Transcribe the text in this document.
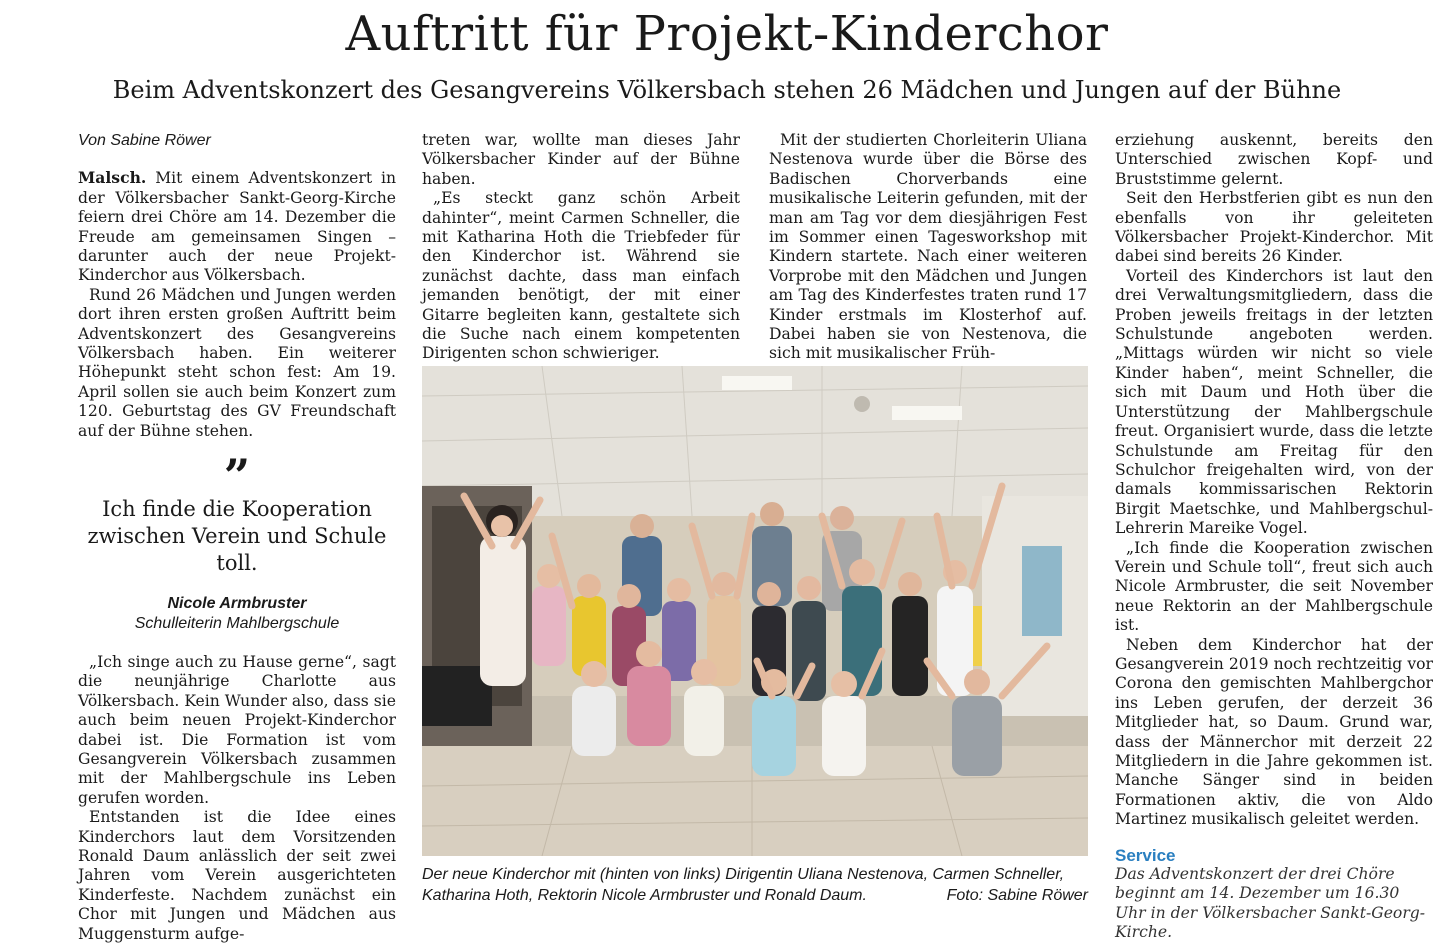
Auftritt für Projekt-Kinderchor
Beim Adventskonzert des Gesangvereins Völkersbach stehen 26 Mädchen und Jungen auf der Bühne
Von Sabine Röwer

Malsch. Mit einem Adventskonzert in der Völkersbacher Sankt-Georg-Kirche feiern drei Chöre am 14. Dezember die Freude am gemeinsamen Singen – darunter auch der neue Projekt-Kinderchor aus Völkersbach.

Rund 26 Mädchen und Jungen werden dort ihren ersten großen Auftritt beim Adventskonzert des Gesangvereins Völkersbach haben. Ein weiterer Höhepunkt steht schon fest: Am 19. April sollen sie auch beim Konzert zum 120. Geburtstag des GV Freundschaft auf der Bühne stehen.

”
Ich finde die Kooperation zwischen Verein und Schule toll.
Nicole Armbruster
Schulleiterin Mahlbergschule

„Ich singe auch zu Hause gerne“, sagt die neunjährige Charlotte aus Völkersbach. Kein Wunder also, dass sie auch beim neuen Projekt-Kinderchor dabei ist. Die Formation ist vom Gesangverein Völkersbach zusammen mit der Mahlbergschule ins Leben gerufen worden.

Entstanden ist die Idee eines Kinderchors laut dem Vorsitzenden Ronald Daum anlässlich der seit zwei Jahren vom Verein ausgerichteten Kinderfeste. Nachdem zunächst ein Chor mit Jungen und Mädchen aus Muggensturm aufge-

treten war, wollte man dieses Jahr Völkersbacher Kinder auf der Bühne haben.

„Es steckt ganz schön Arbeit dahinter“, meint Carmen Schneller, die mit Katharina Hoth die Triebfeder für den Kinderchor ist. Während sie zunächst dachte, dass man einfach jemanden benötigt, der mit einer Gitarre begleiten kann, gestaltete sich die Suche nach einem kompetenten Dirigenten schon schwieriger.

Mit der studierten Chorleiterin Uliana Nestenova wurde über die Börse des Badischen Chorverbands eine musikalische Leiterin gefunden, mit der man am Tag vor dem diesjährigen Fest im Sommer einen Tagesworkshop mit Kindern startete. Nach einer weiteren Vorprobe mit den Mädchen und Jungen am Tag des Kinderfestes traten rund 17 Kinder erstmals im Klosterhof auf. Dabei haben sie von Nestenova, die sich mit musikalischer Früh-

erziehung auskennt, bereits den Unterschied zwischen Kopf- und Bruststimme gelernt.

Seit den Herbstferien gibt es nun den ebenfalls von ihr geleiteten Völkersbacher Projekt-Kinderchor. Mit dabei sind bereits 26 Kinder.

Vorteil des Kinderchors ist laut den drei Verwaltungsmitgliedern, dass die Proben jeweils freitags in der letzten Schulstunde angeboten werden. „Mittags würden wir nicht so viele Kinder haben“, meint Schneller, die sich mit Daum und Hoth über die Unterstützung der Mahlbergschule freut. Organisiert wurde, dass die letzte Schulstunde am Freitag für den Schulchor freigehalten wird, von der damals kommissarischen Rektorin Birgit Maetschke, und Mahlbergschul-Lehrerin Mareike Vogel.

„Ich finde die Kooperation zwischen Verein und Schule toll“, freut sich auch Nicole Armbruster, die seit November neue Rektorin an der Mahlbergschule ist.

Neben dem Kinderchor hat der Gesangverein 2019 noch rechtzeitig vor Corona den gemischten Mahlbergchor ins Leben gerufen, der derzeit 36 Mitglieder hat, so Daum. Grund war, dass der Männerchor mit derzeit 22 Mitgliedern in die Jahre gekommen ist. Manche Sänger sind in beiden Formationen aktiv, die von Aldo Martinez musikalisch geleitet werden.

Service
Das Adventskonzert der drei Chöre beginnt am 14. Dezember um 16.30 Uhr in der Völkersbacher Sankt-Georg-Kirche.
Der neue Kinderchor mit (hinten von links) Dirigentin Uliana Nestenova, Carmen Schneller, Katharina Hoth, Rektorin Nicole Armbruster und Ronald Daum.	Foto: Sabine Röwer
